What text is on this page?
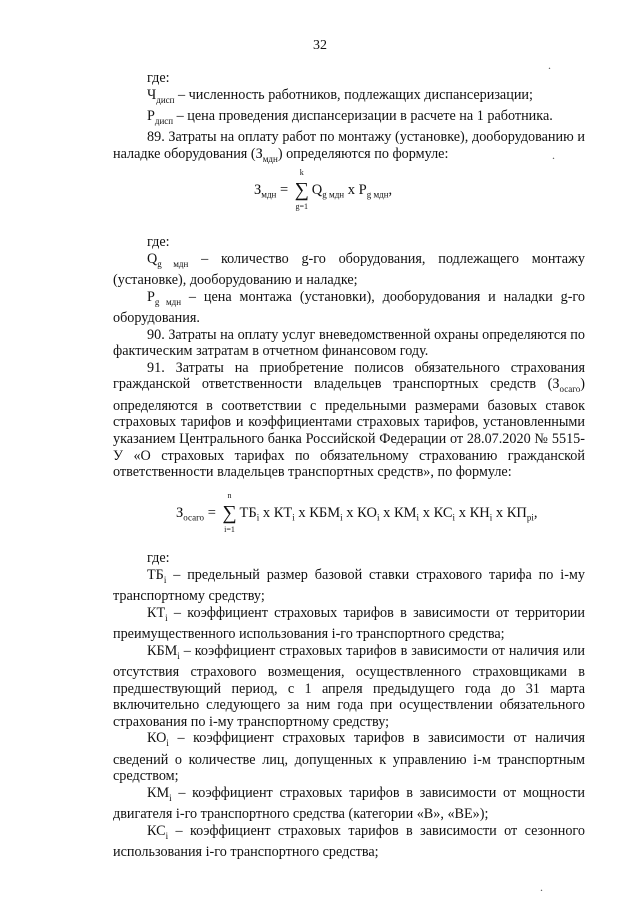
32

где:

$Ч_{дисп}$ – численность работников, подлежащих диспансеризации;

$Р_{дисп}$ – цена проведения диспансеризации в расчете на 1 работника.

89. Затраты на оплату работ по монтажу (установке), дооборудованию и наладке оборудования $(З_{мдн})$ определяются по формуле:

$З_{мдн}$ =
k
∑
g=1
$Q_{g мдн}$ x $P_{g мдн}$,

где:

$Q_{g мдн}$ – количество g-го оборудования, подлежащего монтажу (установке), дооборудованию и наладке;

$P_{g мдн}$ – цена монтажа (установки), дооборудования и наладки g-го оборудования.

90. Затраты на оплату услуг вневедомственной охраны определяются по фактическим затратам в отчетном финансовом году.

91. Затраты на приобретение полисов обязательного страхования гражданской ответственности владельцев транспортных средств $(З_{осаго})$ определяются в соответствии с предельными размерами базовых ставок страховых тарифов и коэффициентами страховых тарифов, установленными указанием Центрального банка Российской Федерации от 28.07.2020 № 5515-У «О страховых тарифах по обязательному страхованию гражданской ответственности владельцев транспортных средств», по формуле:

$З_{осаго}$ =
n
∑
i=1
$ТБ_i$ x $КТ_i$ x $КБМ_i$ x $КО_i$ x $КМ_i$ x $КС_i$ x $КН_i$ x $КП_{pi}$,

где:

$ТБ_i$ – предельный размер базовой ставки страхового тарифа по i-му транспортному средству;

$КТ_i$ – коэффициент страховых тарифов в зависимости от территории преимущественного использования i-го транспортного средства;

$КБМ_i$ – коэффициент страховых тарифов в зависимости от наличия или отсутствия страхового возмещения, осуществленного страховщиками в предшествующий период, с 1 апреля предыдущего года до 31 марта включительно следующего за ним года при осуществлении обязательного страхования по i-му транспортному средству;

$КО_i$ – коэффициент страховых тарифов в зависимости от наличия сведений о количестве лиц, допущенных к управлению i-м транспортным средством;

$КМ_i$ – коэффициент страховых тарифов в зависимости от мощности двигателя i-го транспортного средства (категории «В», «ВЕ»);

$КС_i$ – коэффициент страховых тарифов в зависимости от сезонного использования i-го транспортного средства;

.
.
.
